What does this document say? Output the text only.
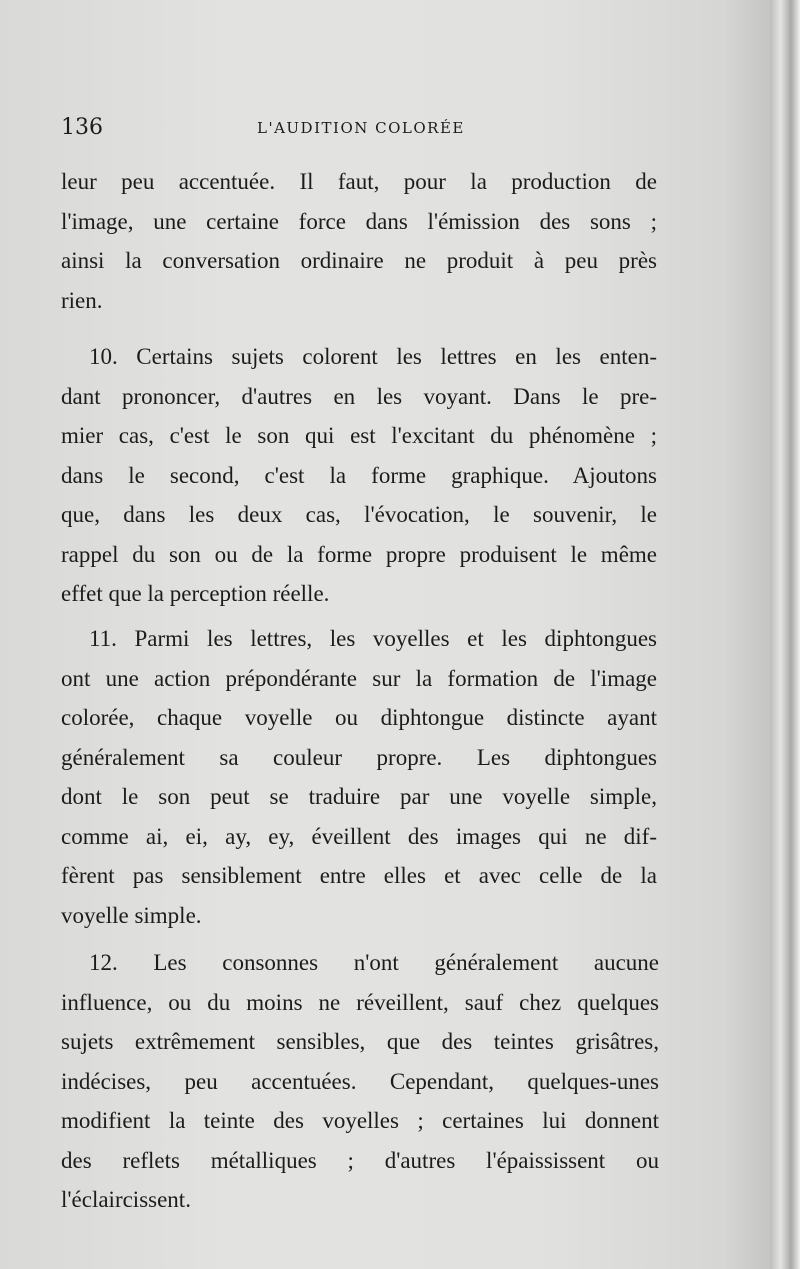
136	L'AUDITION COLORÉE
leur peu accentuée. Il faut, pour la production de
l'image, une certaine force dans l'émission des sons ;
ainsi la conversation ordinaire ne produit à peu près
rien.
10. Certains sujets colorent les lettres en les enten-
dant prononcer, d'autres en les voyant. Dans le pre-
mier cas, c'est le son qui est l'excitant du phénomène ;
dans le second, c'est la forme graphique. Ajoutons
que, dans les deux cas, l'évocation, le souvenir, le
rappel du son ou de la forme propre produisent le même
effet que la perception réelle.
11. Parmi les lettres, les voyelles et les diphtongues
ont une action prépondérante sur la formation de l'image
colorée, chaque voyelle ou diphtongue distincte ayant
généralement sa couleur propre. Les diphtongues
dont le son peut se traduire par une voyelle simple,
comme ai, ei, ay, ey, éveillent des images qui ne dif-
fèrent pas sensiblement entre elles et avec celle de la
voyelle simple.
12. Les consonnes n'ont généralement aucune
influence, ou du moins ne réveillent, sauf chez quelques
sujets extrêmement sensibles, que des teintes grisâtres,
indécises, peu accentuées. Cependant, quelques-unes
modifient la teinte des voyelles ; certaines lui donnent
des reflets métalliques ; d'autres l'épaississent ou
l'éclaircissent.
